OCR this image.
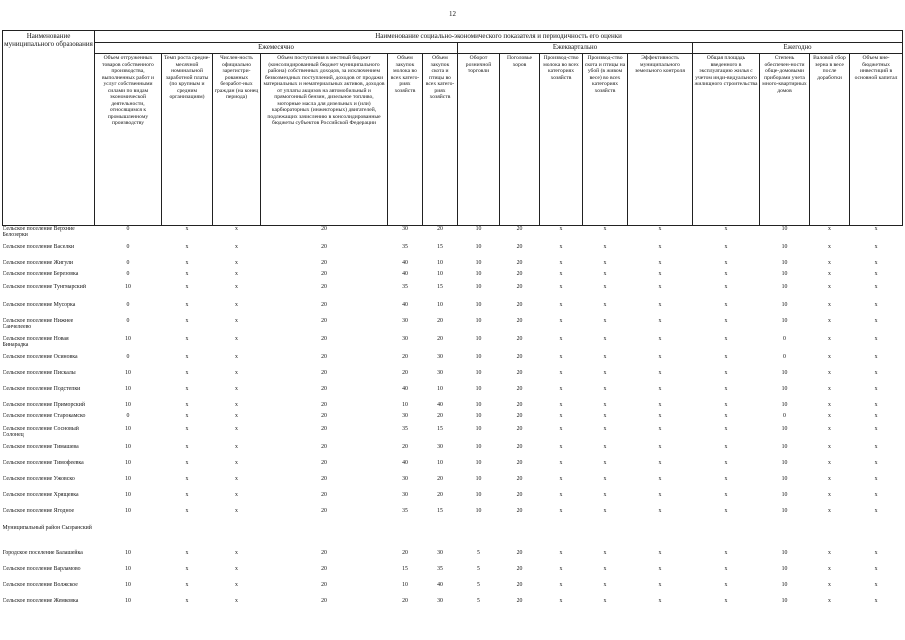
12
Наименование муниципального образования	Наименование социально-экономического показателя и периодичность его оценки														
	Ежемесячно						Ежеквартально					Ежегодно			
	Объем отгруженных товаров собственного производства, выполненных работ и услуг собственными силами по видам экономической деятельности, относящимся к промышленному производству	Темп роста средне-месячной номинальной заработной платы (по крупным и средним организациям)	Числен-ность официально зарегистри-рованных безработ-ных граждан (на конец периода)	Объем поступления в местный бюджет (консолидированный бюджет муниципального района) собственных доходов, за исключением безвозмездных поступлений, доходов от продажи материальных и нематериальных активов, доходов от уплаты акцизов на автомобильный и прямогонный бензин, дизельное топливо, моторные масла для дизельных и (или) карбюраторных (инжекторных) двигателей, подлежащих зачислению в консолидированные бюджеты субъектов Российской Федерации	Объем закупок молока во всех катего-риях хозяйств	Объем закупок скота и птицы во всех катего-риях хозяйств	Оборот розничной торговли	Поголовье хоров	Производ-ство молока во всех категориях хозяйств	Производ-ство скота и птицы на убой (в живом весе) во всех категориях хозяйств	Эффективность муниципального земельного контроля	Общая площадь введенного в эксплуатацию жилья с учетом инди-видуального жилищного строительства	Степень обеспечен-ности обще-домовыми приборами учета много-квартирных домов	Валовой сбор зерна в весе после доработки	Объем вне-бюджетных инвестиций в основной капитал
Сельское поселение Верхние Белозерки	0	x	x	20	30	20	10	20	x	x	x	x	10	x	x
Сельское поселение Васелки	0	x	x	20	35	15	10	20	x	x	x	x	10	x	x
Сельское поселение Жигули	0	x	x	20	40	10	10	20	x	x	x	x	10	x	x
Сельское поселение Березовка	0	x	x	20	40	10	10	20	x	x	x	x	10	x	x
Сельское поселение Тунгмарский	10	x	x	20	35	15	10	20	x	x	x	x	10	x	x
Сельское поселение Мусорка	0	x	x	20	40	10	10	20	x	x	x	x	10	x	x
Сельское поселение Нижнее Санчелеево	0	x	x	20	30	20	10	20	x	x	x	x	10	x	x
Сельское поселение Новая Бинарадка	10	x	x	20	30	20	10	20	x	x	x	x	0	x	x
Сельское поселение Осиновка	0	x	x	20	20	30	10	20	x	x	x	x	0	x	x
Сельское поселение Пискалы	10	x	x	20	20	30	10	20	x	x	x	x	10	x	x
Сельское поселение Подстепки	10	x	x	20	40	10	10	20	x	x	x	x	10	x	x
Сельское поселение Приморский	10	x	x	20	10	40	10	20	x	x	x	x	10	x	x
Сельское поселение Старокамско	0	x	x	20	30	20	10	20	x	x	x	x	0	x	x
Сельское поселение Сосновый Солонец	10	x	x	20	35	15	10	20	x	x	x	x	10	x	x
Сельское поселение Тимашева	10	x	x	20	20	30	10	20	x	x	x	x	10	x	x
Сельское поселение Тимофеевка	10	x	x	20	40	10	10	20	x	x	x	x	10	x	x
Сельское поселение Ужовско	10	x	x	20	30	20	10	20	x	x	x	x	10	x	x
Сельское поселение Хрящевка	10	x	x	20	30	20	10	20	x	x	x	x	10	x	x
Сельское поселение Ягодное	10	x	x	20	35	15	10	20	x	x	x	x	10	x	x
Муниципальный район Сызранский															
Городское поселение Балашейка	10	x	x	20	20	30	5	20	x	x	x	x	10	x	x
Сельское поселение Варламово	10	x	x	20	15	35	5	20	x	x	x	x	10	x	x
Сельское поселение Волжское	10	x	x	20	10	40	5	20	x	x	x	x	10	x	x
Сельское поселение Жемковка	10	x	x	20	20	30	5	20	x	x	x	x	10	x	x
